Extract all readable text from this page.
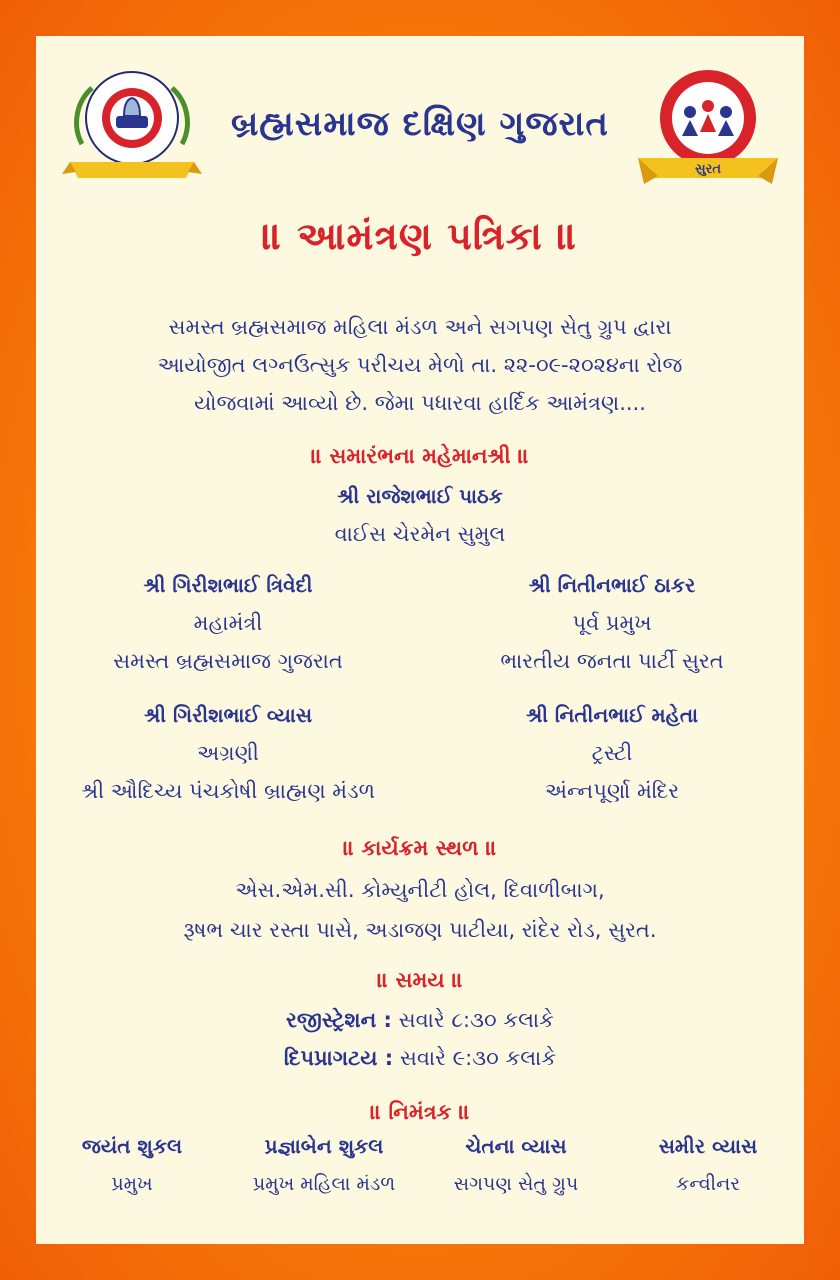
બ્રહ્મસમાજ દક્ષિણ ગુજરાત
સુરત
॥ આમંત્રણ પત્રિકા ॥
સમસ્ત બ્રહ્મસમાજ મહિલા મંડળ અને સગપણ સેતુ ગ્રુપ દ્વારા
આયોજીત લગ્નઉત્સુક પરીચય મેળો તા. ૨૨-૦૯-૨૦૨૪ના રોજ
યોજવામાં આવ્યો છે. જેમા પધારવા હાર્દિક આમંત્રણ....
॥ સમારંભના મહેમાનશ્રી ॥
શ્રી રાજેશભાઈ પાઠક
વાઈસ ચેરમેન સુમુલ
શ્રી ગિરીશભાઈ ત્રિવેદી
મહામંત્રી
સમસ્ત બ્રહ્મસમાજ ગુજરાત
શ્રી નિતીનભાઈ ઠાકર
પૂર્વ પ્રમુખ
ભારતીય જનતા પાર્ટી સુરત
શ્રી ગિરીશભાઈ વ્યાસ
અગ્રણી
શ્રી ઔદિચ્ય પંચકોષી બ્રાહ્મણ મંડળ
શ્રી નિતીનભાઈ મહેતા
ટ્રસ્ટી
અંન્નપૂર્ણા મંદિર
॥ કાર્યક્રમ સ્થળ ॥
એસ.એમ.સી. કોમ્યુનીટી હોલ, દિવાળીબાગ,
રૂષભ ચાર રસ્તા પાસે, અડાજણ પાટીયા, રાંદેર રોડ, સુરત.
॥ સમય ॥
રજીસ્ટ્રેશન : સવારે ૮:૩૦ કલાકે
દિપપ્રાગટય : સવારે ૯:૩૦ કલાકે
॥ નિમંત્રક ॥
જયંત શુકલ
પ્રમુખ
પ્રજ્ઞાબેન શુકલ
પ્રમુખ મહિલા મંડળ
ચેતના વ્યાસ
સગપણ સેતુ ગ્રુપ
સમીર વ્યાસ
કન્વીનર
